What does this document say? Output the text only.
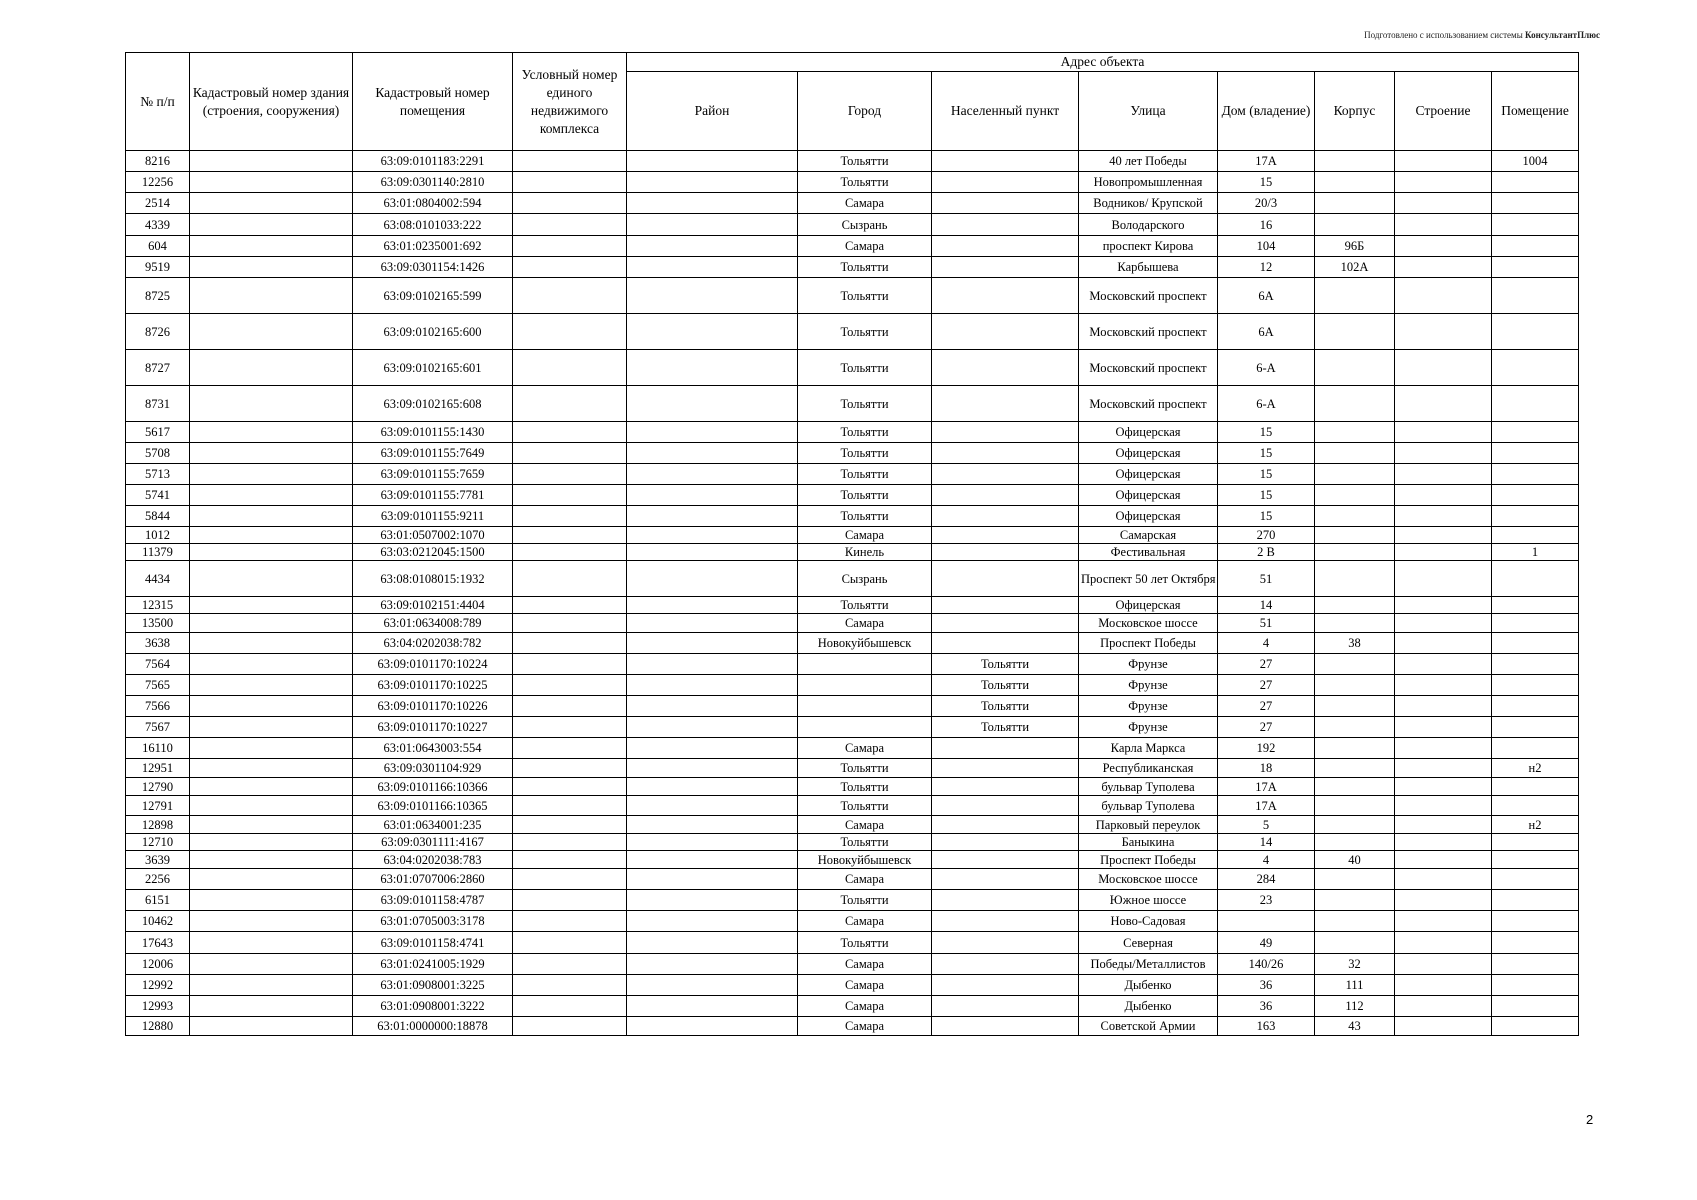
Подготовлено с использованием системы КонсультантПлюс
№ п/п	Кадастровый номер здания (строения, сооружения)	Кадастровый номер помещения	Условный номер единого недвижимого комплекса	Адрес объекта							
				Район	Город	Населенный пункт	Улица	Дом (владение)	Корпус	Строение	Помещение
8216		63:09:0101183:2291			Тольятти		40 лет Победы	17А			1004
12256		63:09:0301140:2810			Тольятти		Новопромышленная	15			
2514		63:01:0804002:594			Самара		Водников/ Крупской	20/3			
4339		63:08:0101033:222			Сызрань		Володарского	16			
604		63:01:0235001:692			Самара		проспект Кирова	104	96Б		
9519		63:09:0301154:1426			Тольятти		Карбышева	12	102А		
8725		63:09:0102165:599			Тольятти		Московский проспект	6А			
8726		63:09:0102165:600			Тольятти		Московский проспект	6А			
8727		63:09:0102165:601			Тольятти		Московский проспект	6-А			
8731		63:09:0102165:608			Тольятти		Московский проспект	6-А			
5617		63:09:0101155:1430			Тольятти		Офицерская	15			
5708		63:09:0101155:7649			Тольятти		Офицерская	15			
5713		63:09:0101155:7659			Тольятти		Офицерская	15			
5741		63:09:0101155:7781			Тольятти		Офицерская	15			
5844		63:09:0101155:9211			Тольятти		Офицерская	15			
1012		63:01:0507002:1070			Самара		Самарская	270			
11379		63:03:0212045:1500			Кинель		Фестивальная	2 В			1
4434		63:08:0108015:1932			Сызрань		Проспект 50 лет Октября	51			
12315		63:09:0102151:4404			Тольятти		Офицерская	14			
13500		63:01:0634008:789			Самара		Московское шоссе	51			
3638		63:04:0202038:782			Новокуйбышевск		Проспект Победы	4	38		
7564		63:09:0101170:10224				Тольятти	Фрунзе	27			
7565		63:09:0101170:10225				Тольятти	Фрунзе	27			
7566		63:09:0101170:10226				Тольятти	Фрунзе	27			
7567		63:09:0101170:10227				Тольятти	Фрунзе	27			
16110		63:01:0643003:554			Самара		Карла Маркса	192			
12951		63:09:0301104:929			Тольятти		Республиканская	18			н2
12790		63:09:0101166:10366			Тольятти		бульвар Туполева	17А			
12791		63:09:0101166:10365			Тольятти		бульвар Туполева	17А			
12898		63:01:0634001:235			Самара		Парковый переулок	5			н2
12710		63:09:0301111:4167			Тольятти		Баныкина	14			
3639		63:04:0202038:783			Новокуйбышевск		Проспект Победы	4	40		
2256		63:01:0707006:2860			Самара		Московское шоссе	284			
6151		63:09:0101158:4787			Тольятти		Южное шоссе	23			
10462		63:01:0705003:3178			Самара		Ново-Садовая				
17643		63:09:0101158:4741			Тольятти		Северная	49			
12006		63:01:0241005:1929			Самара		Победы/Металлистов	140/26	32		
12992		63:01:0908001:3225			Самара		Дыбенко	36	111		
12993		63:01:0908001:3222			Самара		Дыбенко	36	112		
12880		63:01:0000000:18878			Самара		Советской Армии	163	43		
2
